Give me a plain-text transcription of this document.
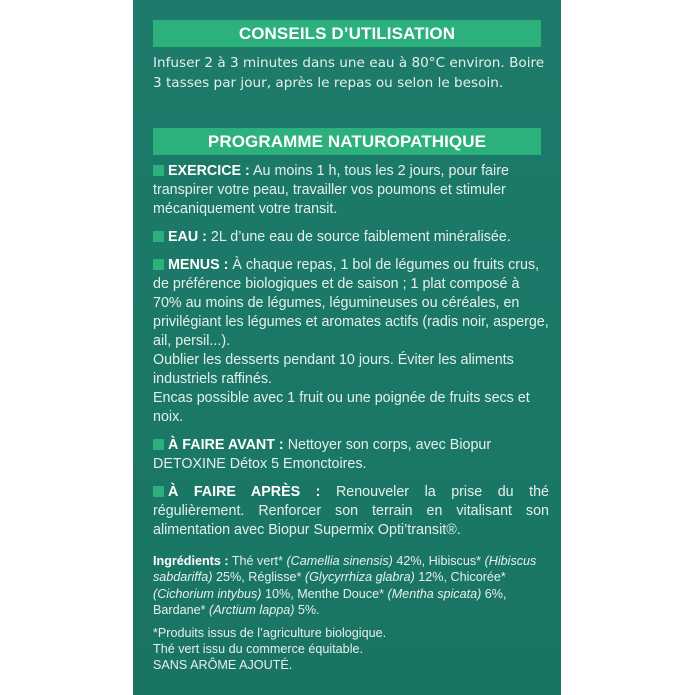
CONSEILS D’UTILISATION
Infuser 2 à 3 minutes dans une eau à 80°C environ. Boire 3 tasses par jour, après le repas ou selon le besoin.
PROGRAMME NATUROPATHIQUE

EXERCICE : Au moins 1 h, tous les 2 jours, pour faire transpirer votre peau, travailler vos poumons et stimuler mécaniquement votre transit.

EAU : 2L d’une eau de source faiblement minéralisée.

MENUS : À chaque repas, 1 bol de légumes ou fruits crus, de préférence biologiques et de saison ; 1 plat composé à 70% au moins de légumes, légumineuses ou céréales, en privilégiant les légumes et aromates actifs (radis noir, asperge, ail, persil...).

Oublier les desserts pendant 10 jours. Éviter les aliments industriels raffinés.

Encas possible avec 1 fruit ou une poignée de fruits secs et noix.

À FAIRE AVANT : Nettoyer son corps, avec Biopur DETOXINE Détox 5 Emonctoires.

À FAIRE APRÈS : Renouveler la prise du thé régulièrement. Renforcer son terrain en vitalisant son alimentation avec Biopur Supermix Opti’transit®.

Ingrédients : Thé vert* (Camellia sinensis) 42%, Hibiscus* (Hibiscus sabdariffa) 25%, Réglisse* (Glycyrrhiza glabra) 12%, Chicorée* (Cichorium intybus) 10%, Menthe Douce* (Mentha spicata) 6%, Bardane* (Arctium lappa) 5%.

*Produits issus de l’agriculture biologique.

Thé vert issu du commerce équitable.

SANS ARÔME AJOUTÉ.
